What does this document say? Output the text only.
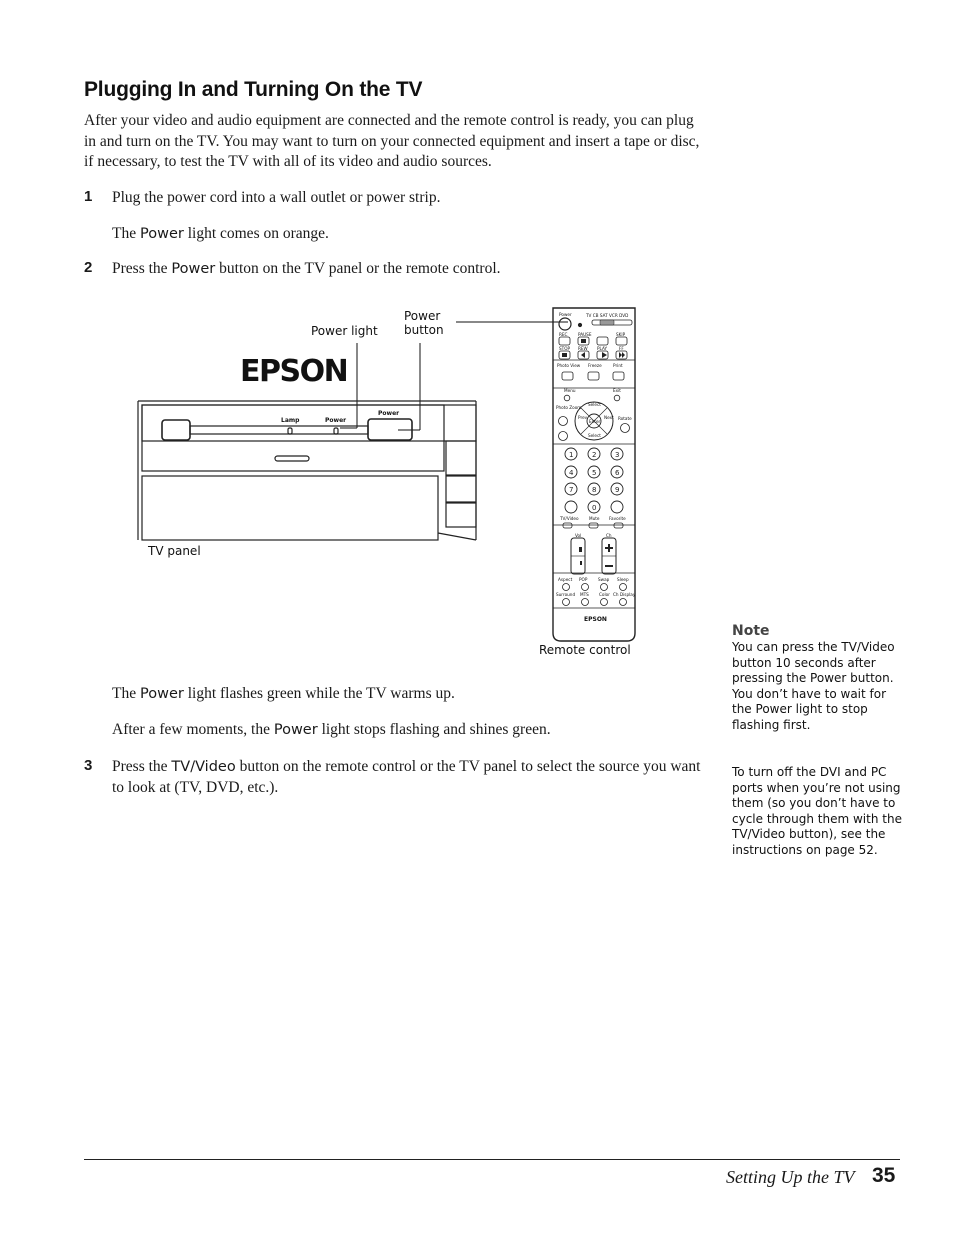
Plugging In and Turning On the TV

After your video and audio equipment are connected and the remote control is ready, you can plug in and turn on the TV. You may want to turn on your connected equipment and insert a tape or disc, if necessary, to test the TV with all of its video and audio sources.

1 Plug the power cord into a wall outlet or power strip.

The Power light comes on orange.

2 Press the Power button on the TV panel or the remote control.

EPSON
Lamp	Power
Power
Power	TV CB SAT VCR DVD
REC	PAUSE	SKIP
STOP REW PLAY	FF
Photo View Freeze	Print
Menu	Exit
Select
Select
Enter
Prev	Next
Photo Zoom
Rotate
TV/Video Mute Favorite
Vol	Ch
Aspect POP	Swap Sleep
Surround MTS Color Ch Display
1	2	3
4	5	6
7	8	9
0
EPSON
Power light
Power
button
TV panel
Remote control

The Power light flashes green while the TV warms up.

After a few moments, the Power light stops flashing and shines green.

3 Press the TV/Video button on the remote control or the TV panel to select the source you want to look at (TV, DVD, etc.).

Note

You can press the TV/Video button 10 seconds after pressing the Power button. You don’t have to wait for the Power light to stop flashing first.

To turn off the DVI and PC ports when you’re not using them (so you don’t have to cycle through them with the TV/Video button), see the instructions on page 52.

Setting Up the TV 35
